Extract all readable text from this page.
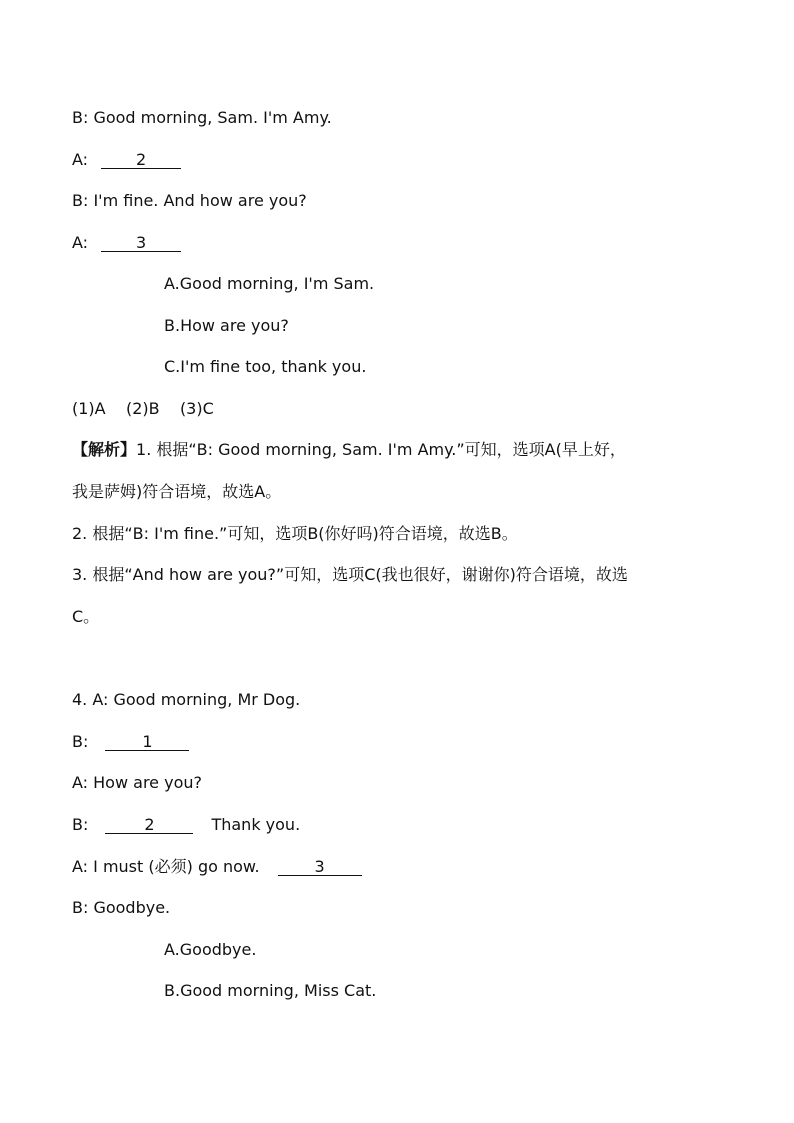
B: Good morning, Sam. I'm Amy.
A:	2
B: I'm fine. And how are you?
A:	3
A.Good morning, I'm Sam.
B.How are you?
C.I'm fine too, thank you.
(1)A    (2)B    (3)C
【解析】1. 根据“B: Good morning, Sam. I'm Amy.”可知，选项A(早上好，
我是萨姆)符合语境，故选A。
2. 根据“B: I'm fine.”可知，选项B(你好吗)符合语境，故选B。
3. 根据“And how are you?”可知，选项C(我也很好，谢谢你)符合语境，故选
C。
4. A: Good morning, Mr Dog.
B:	1
A: How are you?
B:	2	Thank you.
A: I must (必须) go now.	3
B: Goodbye.
A.Goodbye.
B.Good morning, Miss Cat.
